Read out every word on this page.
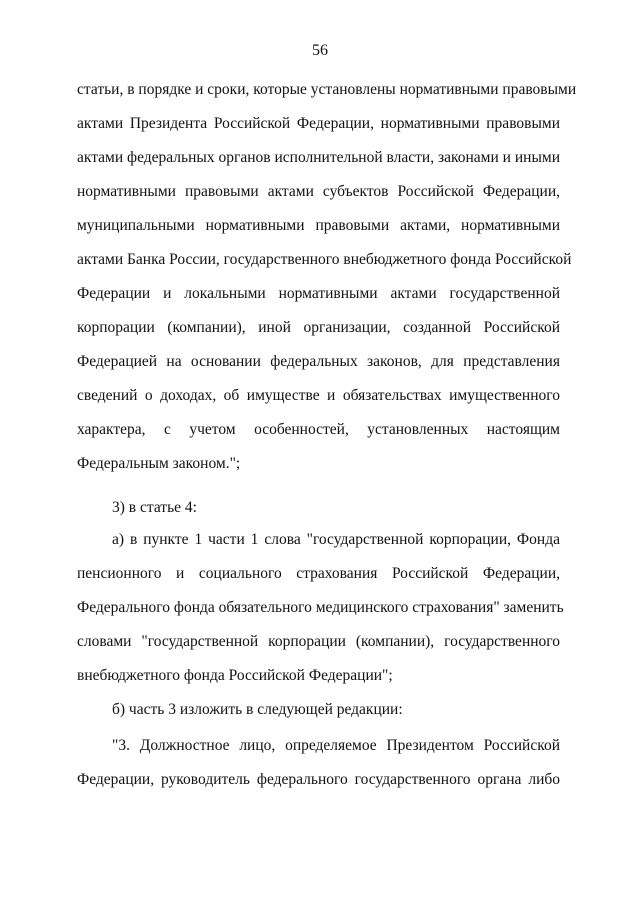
56
статьи, в порядке и сроки, которые установлены нормативными правовыми
актами Президента Российской Федерации, нормативными правовыми
актами федеральных органов исполнительной власти, законами и иными
нормативными правовыми актами субъектов Российской Федерации,
муниципальными нормативными правовыми актами, нормативными
актами Банка России, государственного внебюджетного фонда Российской
Федерации и локальными нормативными актами государственной
корпорации (компании), иной организации, созданной Российской
Федерацией на основании федеральных законов, для представления
сведений о доходах, об имуществе и обязательствах имущественного
характера, с учетом особенностей, установленных настоящим
Федеральным законом.";
3) в статье 4:
а) в пункте 1 части 1 слова "государственной корпорации, Фонда
пенсионного и социального страхования Российской Федерации,
Федерального фонда обязательного медицинского страхования" заменить
словами "государственной корпорации (компании), государственного
внебюджетного фонда Российской Федерации";
б) часть 3 изложить в следующей редакции:
"3. Должностное лицо, определяемое Президентом Российской
Федерации, руководитель федерального государственного органа либо
